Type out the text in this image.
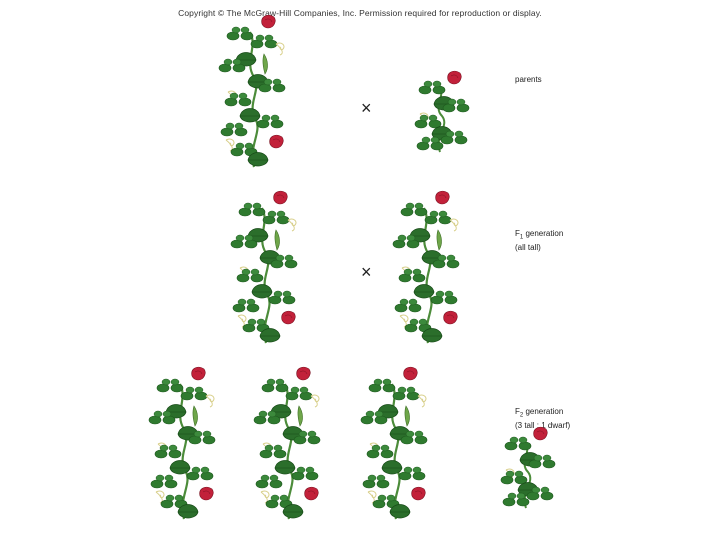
Copyright © The McGraw-Hill Companies, Inc. Permission required for reproduction or display.
×
×
parents
$F_1$ generation
(all tall)
$F_2$ generation
(3 tall : 1 dwarf)
